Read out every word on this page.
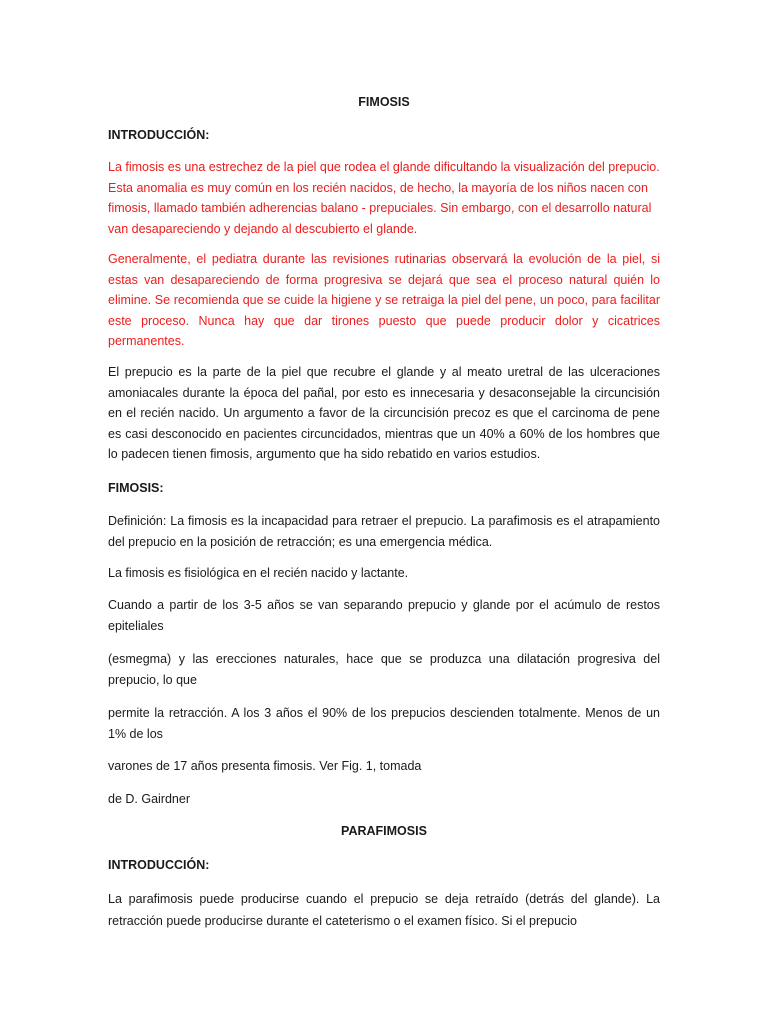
FIMOSIS

INTRODUCCIÓN:

La fimosis es una estrechez de la piel que rodea el glande dificultando la visualización del prepucio. Esta anomalia es muy común en los recién nacidos, de hecho, la mayoría de los niños nacen con fimosis, llamado también adherencias balano - prepuciales. Sin embargo, con el desarrollo natural van desapareciendo y dejando al descubierto el glande.

Generalmente, el pediatra durante las revisiones rutinarias observará la evolución de la piel, si estas van desapareciendo de forma progresiva se dejará que sea el proceso natural quién lo elimine. Se recomienda que se cuide la higiene y se retraiga la piel del pene, un poco, para facilitar este proceso. Nunca hay que dar tirones puesto que puede producir dolor y cicatrices permanentes.

El prepucio es la parte de la piel que recubre el glande y al meato uretral de las ulceraciones amoniacales durante la época del pañal, por esto es innecesaria y desaconsejable la circuncisión en el recién nacido. Un argumento a favor de la circuncisión precoz es que el carcinoma de pene es casi desconocido en pacientes circuncidados, mientras que un 40% a 60% de los hombres que lo padecen tienen fimosis, argumento que ha sido rebatido en varios estudios.

FIMOSIS:

Definición: La fimosis es la incapacidad para retraer el prepucio. La parafimosis es el atrapamiento del prepucio en la posición de retracción; es una emergencia médica.

La fimosis es fisiológica en el recién nacido y lactante.

Cuando a partir de los 3-5 años se van separando prepucio y glande por el acúmulo de restos epiteliales

(esmegma) y las erecciones naturales, hace que se produzca una dilatación progresiva del prepucio, lo que

permite la retracción. A los 3 años el 90% de los prepucios descienden totalmente. Menos de un 1% de los

varones de 17 años presenta fimosis. Ver Fig. 1, tomada

de D. Gairdner

PARAFIMOSIS

INTRODUCCIÓN:

La parafimosis puede producirse cuando el prepucio se deja retraído (detrás del glande). La retracción puede producirse durante el cateterismo o el examen físico. Si el prepucio
